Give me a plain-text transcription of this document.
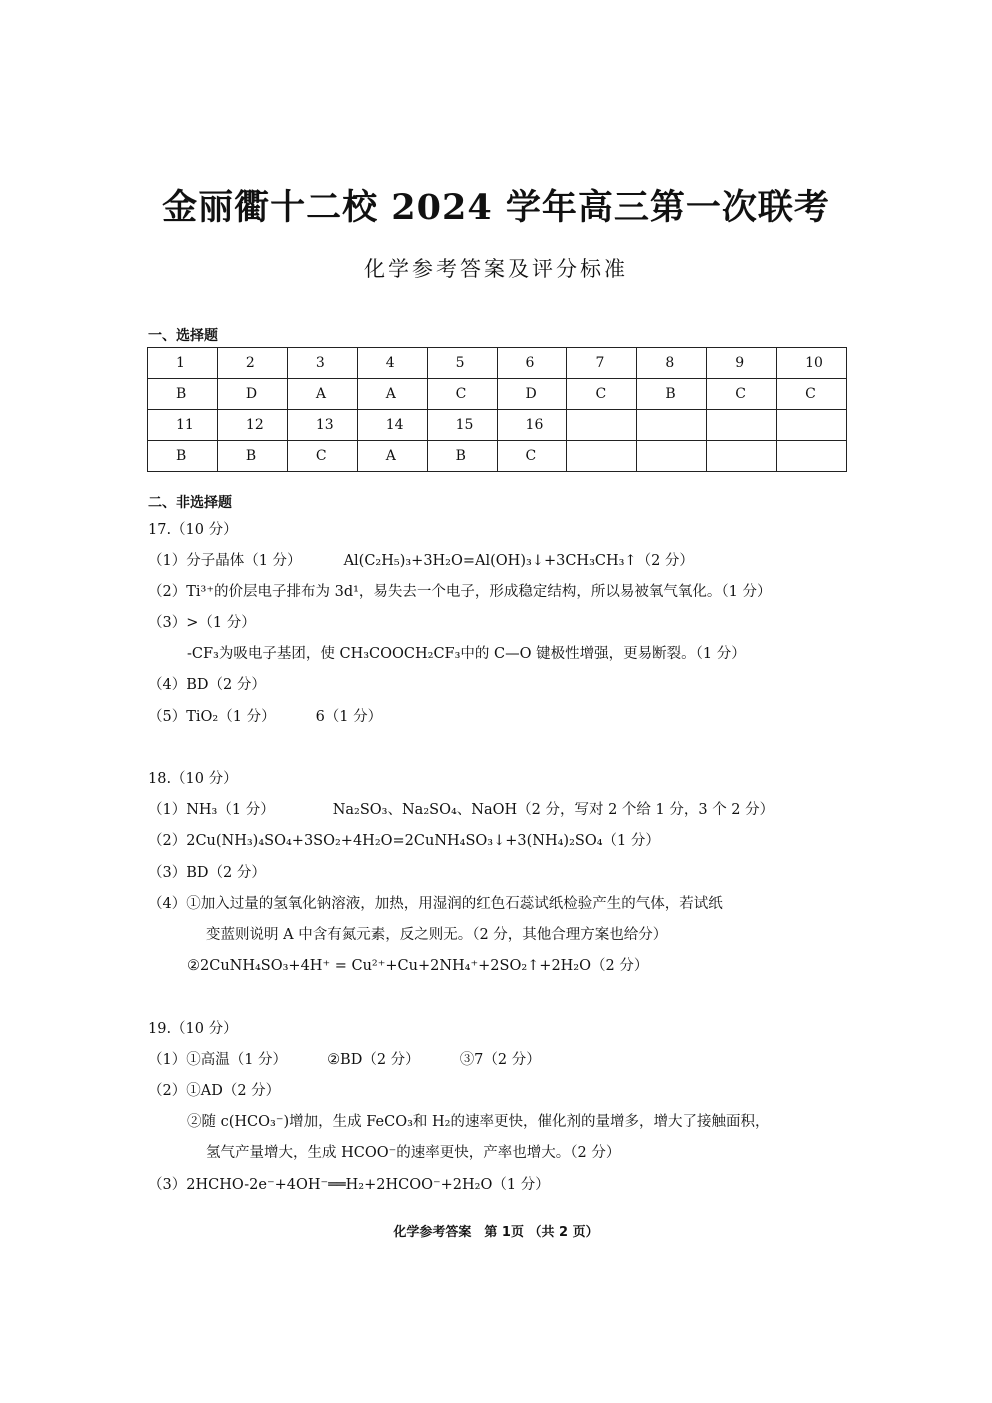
金丽衢十二校 2024 学年高三第一次联考
化学参考答案及评分标准
一、选择题
1	2	3	4	5	6	7	8	9	10
B	D	A	A	C	D	C	B	C	C
11	12	13	14	15	16				
B	B	C	A	B	C				
二、非选择题
17.（10 分）
（1）分子晶体（1 分）	Al(C₂H₅)₃+3H₂O=Al(OH)₃↓+3CH₃CH₃↑（2 分）
（2）Ti³⁺的价层电子排布为 3d¹，易失去一个电子，形成稳定结构，所以易被氧气氧化。（1 分）
（3）>（1 分）
-CF₃为吸电子基团，使 CH₃COOCH₂CF₃中的 C—O 键极性增强，更易断裂。（1 分）
（4）BD（2 分）
（5）TiO₂（1 分）	6（1 分）
18.（10 分）
（1）NH₃（1 分）	Na₂SO₃、Na₂SO₄、NaOH（2 分，写对 2 个给 1 分，3 个 2 分）
（2）2Cu(NH₃)₄SO₄+3SO₂+4H₂O=2CuNH₄SO₃↓+3(NH₄)₂SO₄（1 分）
（3）BD（2 分）
（4）①加入过量的氢氧化钠溶液，加热，用湿润的红色石蕊试纸检验产生的气体，若试纸
变蓝则说明 A 中含有氮元素，反之则无。（2 分，其他合理方案也给分）
②2CuNH₄SO₃+4H⁺ = Cu²⁺+Cu+2NH₄⁺+2SO₂↑+2H₂O（2 分）
19.（10 分）
（1）①高温（1 分）	②BD（2 分）	③7（2 分）
（2）①AD（2 分）
②随 c(HCO₃⁻)增加，生成 FeCO₃和 H₂的速率更快，催化剂的量增多，增大了接触面积，
氢气产量增大，生成 HCOO⁻的速率更快，产率也增大。（2 分）
（3）2HCHO-2e⁻+4OH⁻══H₂+2HCOO⁻+2H₂O（1 分）
化学参考答案　第 1页 （共 2 页）
